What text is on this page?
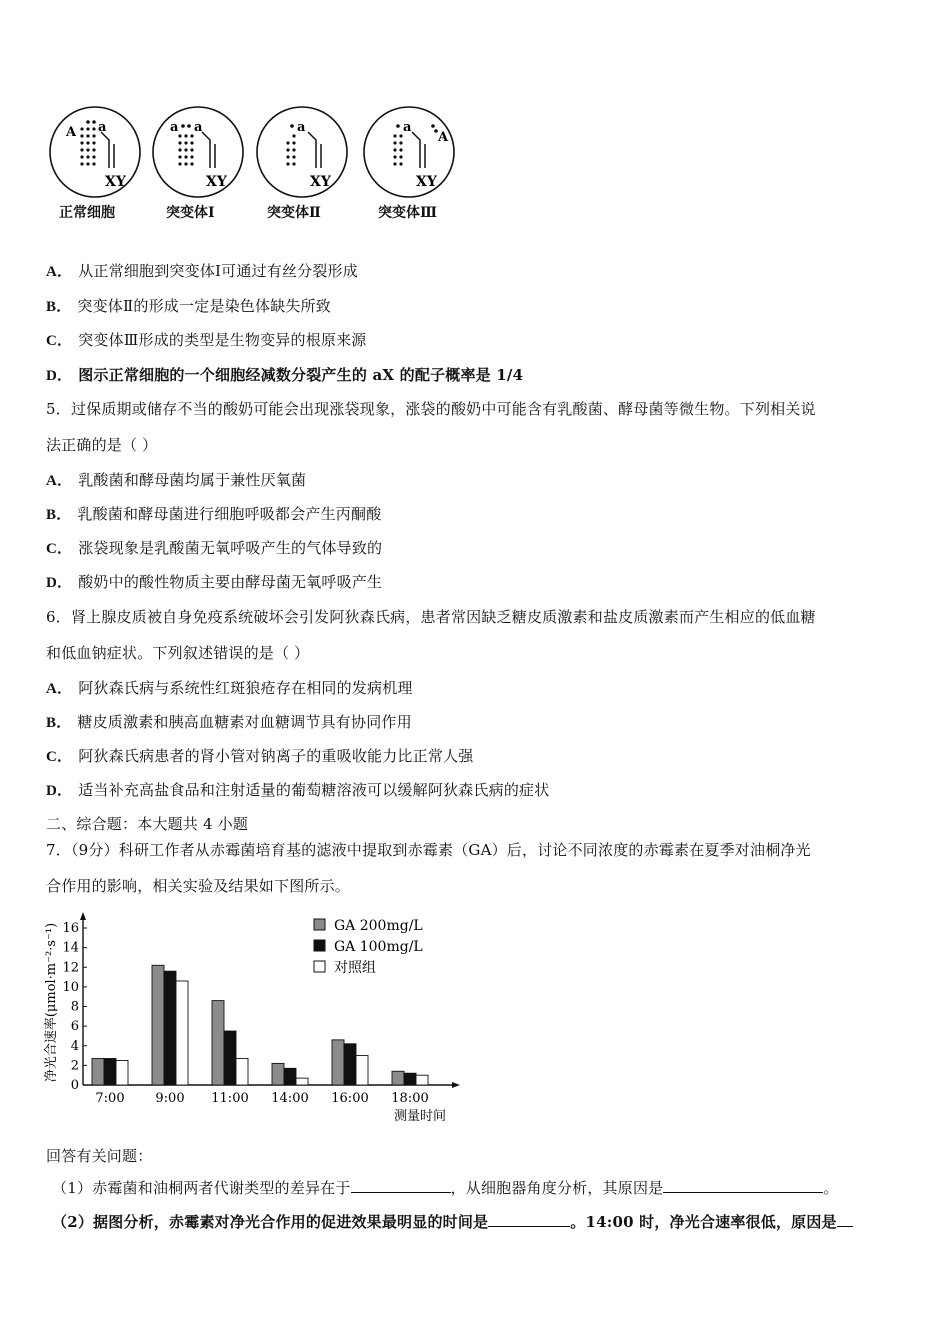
A a
XY
正常细胞
a a
XY
突变体Ⅰ
a
XY
突变体Ⅱ
a
A
XY
突变体Ⅲ
A． 从正常细胞到突变体Ⅰ可通过有丝分裂形成
B． 突变体Ⅱ的形成一定是染色体缺失所致
C． 突变体Ⅲ形成的类型是生物变异的根原来源
D． 图示正常细胞的一个细胞经减数分裂产生的 aX 的配子概率是 1/4
5．过保质期或储存不当的酸奶可能会出现涨袋现象，涨袋的酸奶中可能含有乳酸菌、酵母菌等微生物。下列相关说
法正确的是（ ）
A． 乳酸菌和酵母菌均属于兼性厌氧菌
B． 乳酸菌和酵母菌进行细胞呼吸都会产生丙酮酸
C． 涨袋现象是乳酸菌无氧呼吸产生的气体导致的
D． 酸奶中的酸性物质主要由酵母菌无氧呼吸产生
6．肾上腺皮质被自身免疫系统破坏会引发阿狄森氏病，患者常因缺乏糖皮质激素和盐皮质激素而产生相应的低血糖
和低血钠症状。下列叙述错误的是（ ）
A． 阿狄森氏病与系统性红斑狼疮存在相同的发病机理
B． 糖皮质激素和胰高血糖素对血糖调节具有协同作用
C． 阿狄森氏病患者的肾小管对钠离子的重吸收能力比正常人强
D． 适当补充高盐食品和注射适量的葡萄糖溶液可以缓解阿狄森氏病的症状
二、综合题：本大题共 4 小题
7．（9分）科研工作者从赤霉菌培育基的滤液中提取到赤霉素（GA）后，讨论不同浓度的赤霉素在夏季对油桐净光
合作用的影响，相关实验及结果如下图所示。
0
2
4
6
8
10
12
14
16
净光合速率(μmol·m⁻²·s⁻¹)
7:00 9:00 11:00 14:00 16:00 18:00
测量时间
GA 200mg/L
GA 100mg/L
对照组
回答有关问题：
（1）赤霉菌和油桐两者代谢类型的差异在于	，从细胞器角度分析，其原因是	。
（2）据图分析，赤霉素对净光合作用的促进效果最明显的时间是	。14:00 时，净光合速率很低，原因是
